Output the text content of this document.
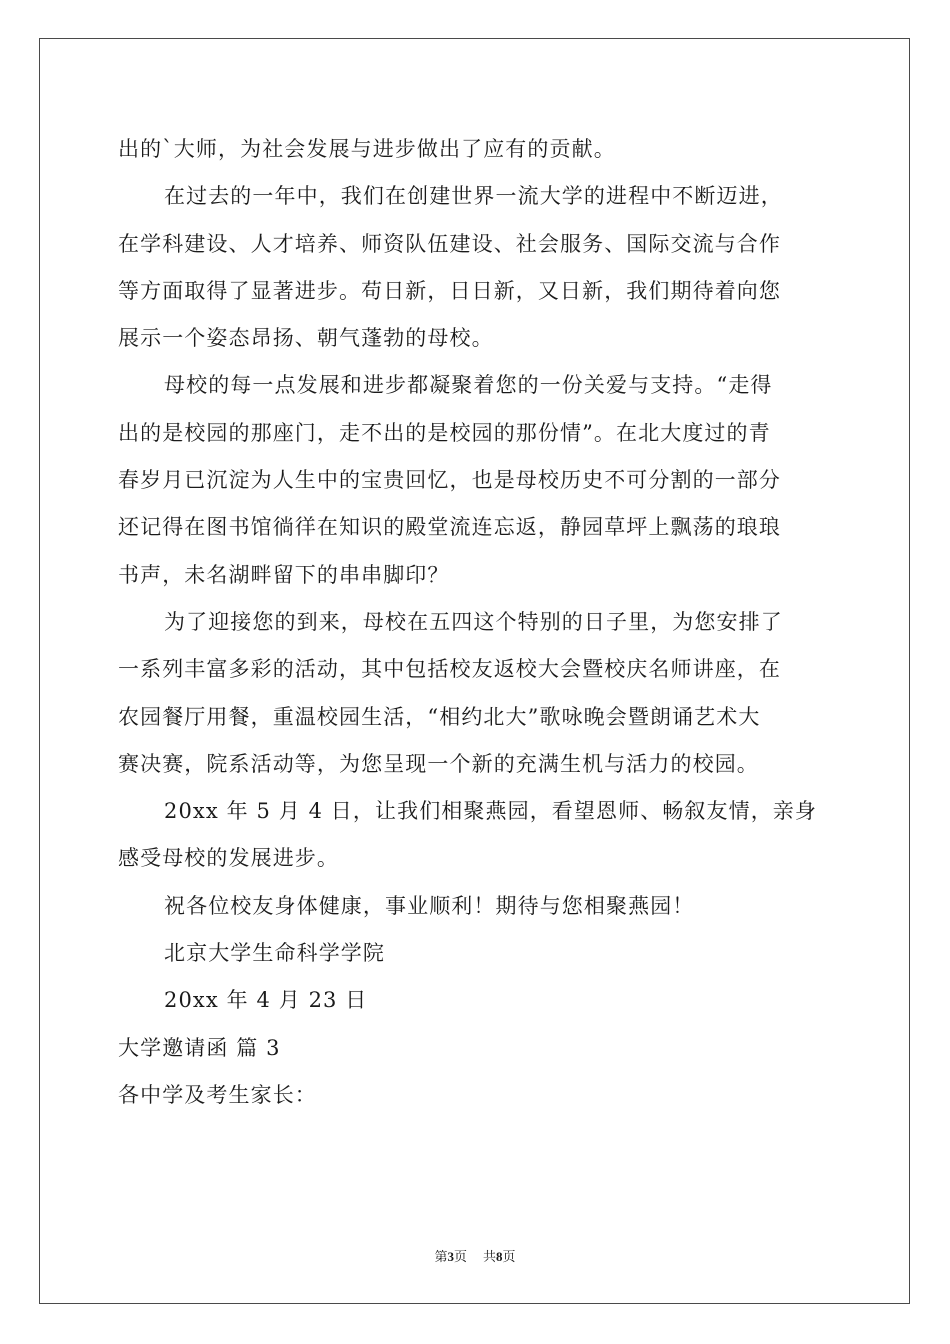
出的`大师，为社会发展与进步做出了应有的贡献。
在过去的一年中，我们在创建世界一流大学的进程中不断迈进，
在学科建设、人才培养、师资队伍建设、社会服务、国际交流与合作
等方面取得了显著进步。苟日新，日日新，又日新，我们期待着向您
展示一个姿态昂扬、朝气蓬勃的母校。
母校的每一点发展和进步都凝聚着您的一份关爱与支持。“走得
出的是校园的那座门，走不出的是校园的那份情”。在北大度过的青
春岁月已沉淀为人生中的宝贵回忆，也是母校历史不可分割的一部分
还记得在图书馆徜徉在知识的殿堂流连忘返，静园草坪上飘荡的琅琅
书声，未名湖畔留下的串串脚印？
为了迎接您的到来，母校在五四这个特别的日子里，为您安排了
一系列丰富多彩的活动，其中包括校友返校大会暨校庆名师讲座，在
农园餐厅用餐，重温校园生活，“相约北大”歌咏晚会暨朗诵艺术大
赛决赛，院系活动等，为您呈现一个新的充满生机与活力的校园。
20xx 年 5 月 4 日，让我们相聚燕园，看望恩师、畅叙友情，亲身
感受母校的发展进步。
祝各位校友身体健康，事业顺利！期待与您相聚燕园！
北京大学生命科学学院
20xx 年 4 月 23 日
大学邀请函 篇 3
各中学及考生家长：
第3页 共8页
